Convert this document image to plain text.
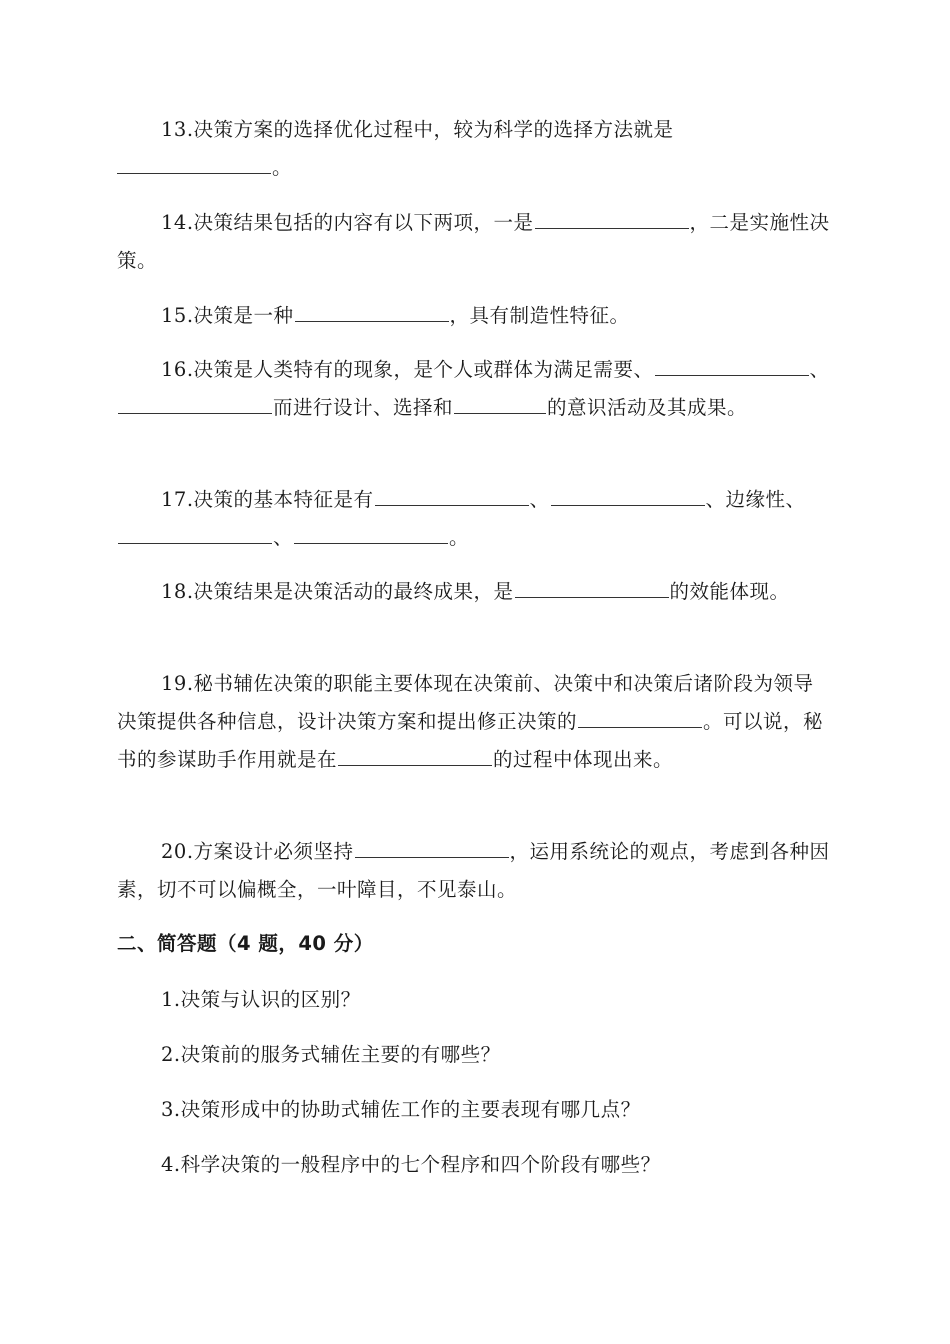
13.决策方案的选择优化过程中，较为科学的选择方法就是
。

14.决策结果包括的内容有以下两项，一是	，二是实施性决策。

15.决策是一种	，具有制造性特征。

16.决策是人类特有的现象，是个人或群体为满足需要、	、而进行设计、选择和	的意识活动及其成果。

17.决策的基本特征是有	、	、边缘性、、	。

18.决策结果是决策活动的最终成果，是	的效能体现。

19.秘书辅佐决策的职能主要体现在决策前、决策中和决策后诸阶段为领导决策提供各种信息，设计决策方案和提出修正决策的	。可以说，秘书的参谋助手作用就是在	的过程中体现出来。

20.方案设计必须坚持	，运用系统论的观点，考虑到各种因素，切不可以偏概全，一叶障目，不见泰山。

二、简答题（4 题，40 分）
1.决策与认识的区别？
2.决策前的服务式辅佐主要的有哪些？
3.决策形成中的协助式辅佐工作的主要表现有哪几点？
4.科学决策的一般程序中的七个程序和四个阶段有哪些？
